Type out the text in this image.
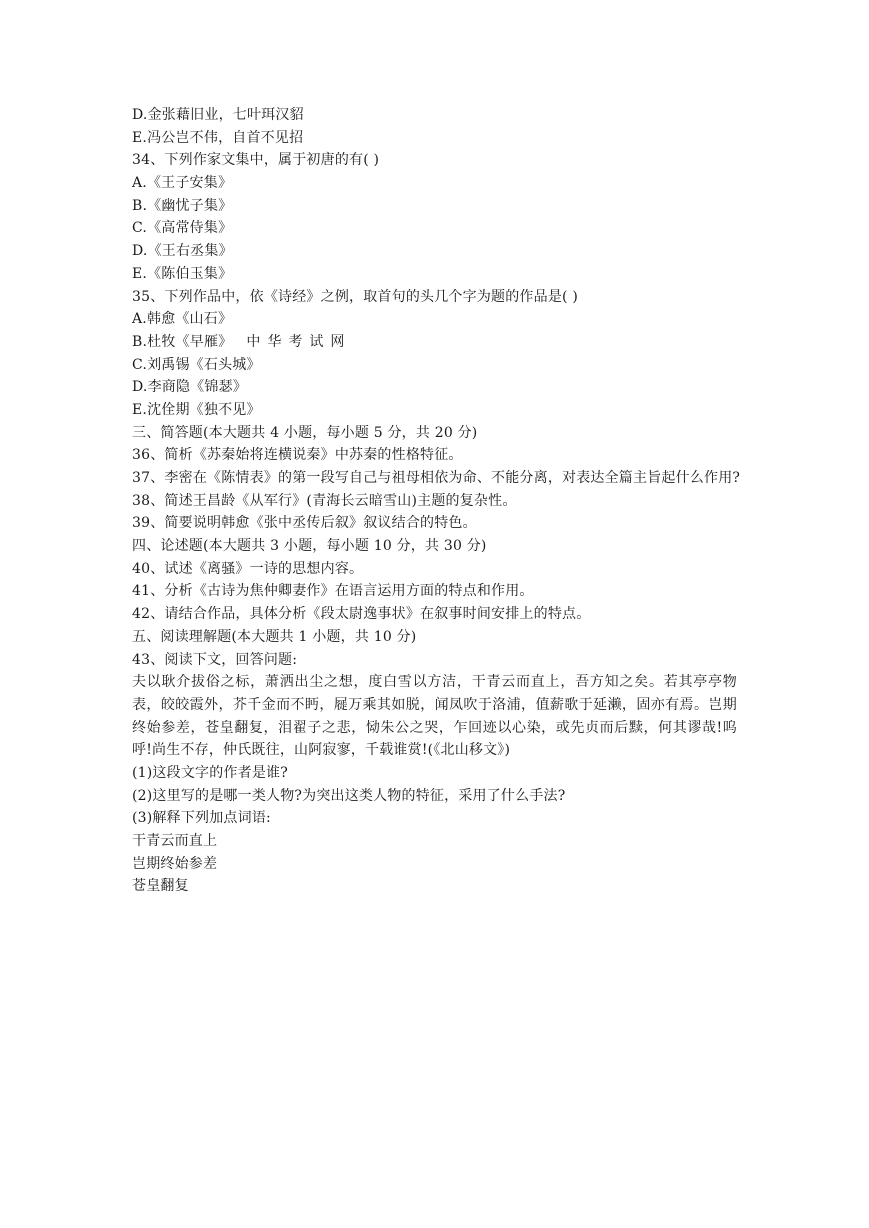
D.金张藉旧业，七叶珥汉貂
E.冯公岂不伟，自首不见招
34、下列作家文集中，属于初唐的有( )
A.《王子安集》
B.《幽忧子集》
C.《高常侍集》
D.《王右丞集》
E.《陈伯玉集》
35、下列作品中，依《诗经》之例，取首句的头几个字为题的作品是( )
A.韩愈《山石》
B.杜牧《早雁》 中华考试网
C.刘禹锡《石头城》
D.李商隐《锦瑟》
E.沈佺期《独不见》
三、简答题(本大题共 4 小题，每小题 5 分，共 20 分)
36、简析《苏秦始将连横说秦》中苏秦的性格特征。
37、李密在《陈情表》的第一段写自己与祖母相依为命、不能分离，对表达全篇主旨起什么作用?
38、简述王昌龄《从军行》(青海长云暗雪山)主题的复杂性。
39、简要说明韩愈《张中丞传后叙》叙议结合的特色。
四、论述题(本大题共 3 小题，每小题 10 分，共 30 分)
40、试述《离骚》一诗的思想内容。
41、分析《古诗为焦仲卿妻作》在语言运用方面的特点和作用。
42、请结合作品，具体分析《段太尉逸事状》在叙事时间安排上的特点。
五、阅读理解题(本大题共 1 小题，共 10 分)
43、阅读下文，回答问题:
夫以耿介拔俗之标，萧洒出尘之想，度白雪以方洁，干青云而直上，吾方知之矣。若其亭亭物表，皎皎霞外，芥千金而不眄，屣万乘其如脱，闻凤吹于洛浦，值薪歌于延濑，固亦有焉。岂期终始参差，苍皇翻复，泪翟子之悲，恸朱公之哭，乍回迹以心染，或先贞而后黩，何其谬哉!呜呼!尚生不存，仲氏既往，山阿寂寥，千载谁赏!(《北山移文》)
(1)这段文字的作者是谁?
(2)这里写的是哪一类人物?为突出这类人物的特征，采用了什么手法?
(3)解释下列加点词语:
干青云而直上
岂期终始参差
苍皇翻复
